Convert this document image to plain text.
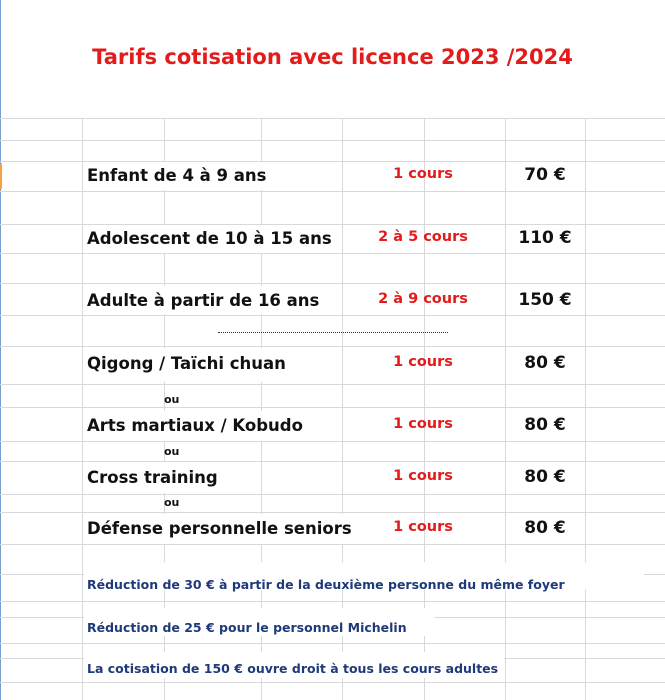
Tarifs cotisation avec licence 2023 /2024
Enfant de 4 à 9 ans	1 cours	70 €
Adolescent de 10 à 15 ans	2 à 5 cours	110 €
Adulte à partir de 16 ans	2 à 9 cours	150 €
Qigong / Taïchi chuan	1 cours	80 €
ou
Arts martiaux / Kobudo	1 cours	80 €
ou
Cross training	1 cours	80 €
ou
Défense personnelle seniors	1 cours	80 €
Réduction de 30 € à partir de la deuxième personne du même foyer
Réduction de 25 € pour le personnel Michelin
La cotisation de 150 € ouvre droit à tous les cours adultes
